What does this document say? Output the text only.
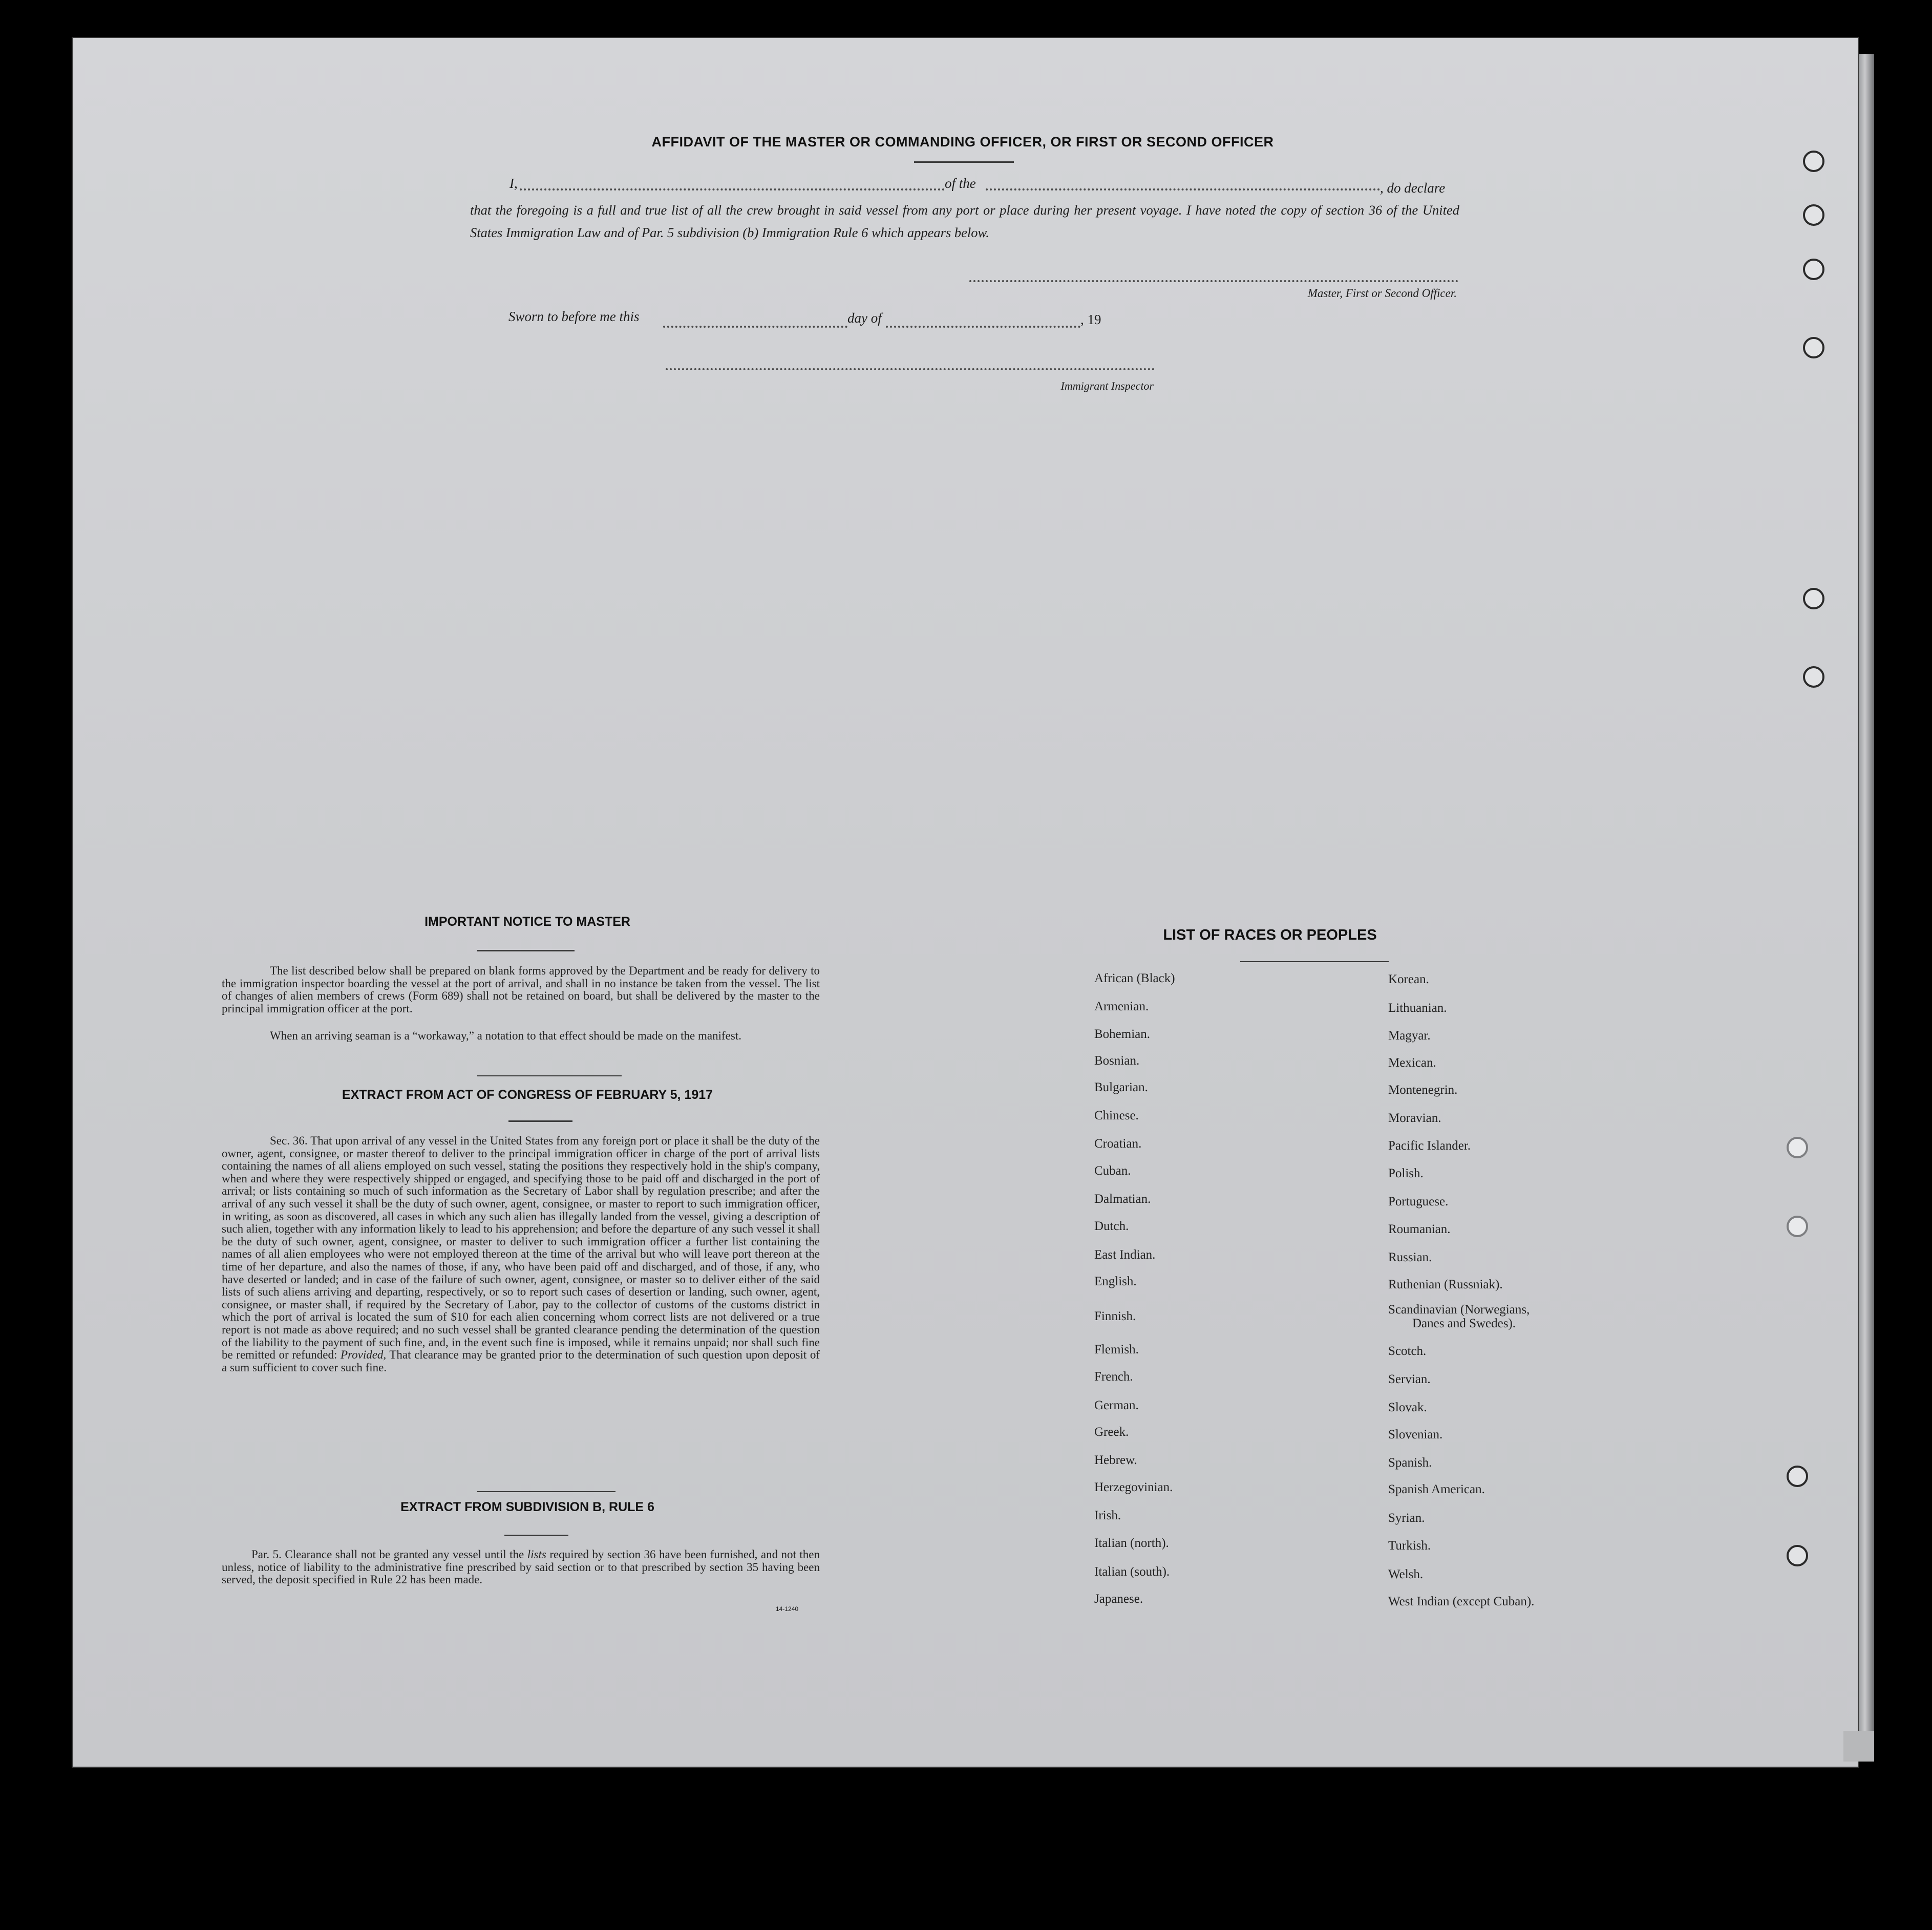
AFFIDAVIT OF THE MASTER OR COMMANDING OFFICER, OR FIRST OR SECOND OFFICER
I,	of the	, do declare
that the foregoing is a full and true list of all the crew brought in said vessel from any port or place during her present voyage. I have noted the copy of section 36 of the United States Immigration Law and of Par. 5 subdivision (b) Immigration Rule 6 which appears below.
Master, First or Second Officer.
Sworn to before me this	day of	, 19
Immigrant Inspector
IMPORTANT NOTICE TO MASTER
The list described below shall be prepared on blank forms approved by the Department and be ready for delivery to the immigration inspector boarding the vessel at the port of arrival, and shall in no instance be taken from the vessel. The list of changes of alien members of crews (Form 689) shall not be retained on board, but shall be delivered by the master to the principal immigration officer at the port.
When an arriving seaman is a “workaway,” a notation to that effect should be made on the manifest.
EXTRACT FROM ACT OF CONGRESS OF FEBRUARY 5, 1917
Sec. 36. That upon arrival of any vessel in the United States from any foreign port or place it shall be the duty of the owner, agent, consignee, or master thereof to deliver to the principal immigration officer in charge of the port of arrival lists containing the names of all aliens employed on such vessel, stating the positions they respectively hold in the ship's company, when and where they were respectively shipped or engaged, and specifying those to be paid off and discharged in the port of arrival; or lists containing so much of such information as the Secretary of Labor shall by regulation prescribe; and after the arrival of any such vessel it shall be the duty of such owner, agent, consignee, or master to report to such immigration officer, in writing, as soon as discovered, all cases in which any such alien has illegally landed from the vessel, giving a description of such alien, together with any information likely to lead to his apprehension; and before the departure of any such vessel it shall be the duty of such owner, agent, consignee, or master to deliver to such immigration officer a further list containing the names of all alien employees who were not employed thereon at the time of the arrival but who will leave port thereon at the time of her departure, and also the names of those, if any, who have been paid off and discharged, and of those, if any, who have deserted or landed; and in case of the failure of such owner, agent, consignee, or master so to deliver either of the said lists of such aliens arriving and departing, respectively, or so to report such cases of desertion or landing, such owner, agent, consignee, or master shall, if required by the Secretary of Labor, pay to the collector of customs of the customs district in which the port of arrival is located the sum of $10 for each alien concerning whom correct lists are not delivered or a true report is not made as above required; and no such vessel shall be granted clearance pending the determination of the question of the liability to the payment of such fine, and, in the event such fine is imposed, while it remains unpaid; nor shall such fine be remitted or refunded: Provided, That clearance may be granted prior to the determination of such question upon deposit of a sum sufficient to cover such fine.
EXTRACT FROM SUBDIVISION B, RULE 6
Par. 5. Clearance shall not be granted any vessel until the lists required by section 36 have been furnished, and not then unless, notice of liability to the administrative fine prescribed by said section or to that prescribed by section 35 having been served, the deposit specified in Rule 22 has been made.
14-1240
LIST OF RACES OR PEOPLES
African (Black)
Armenian.
Bohemian.
Bosnian.
Bulgarian.
Chinese.
Croatian.
Cuban.
Dalmatian.
Dutch.
East Indian.
English.
Finnish.
Flemish.
French.
German.
Greek.
Hebrew.
Herzegovinian.
Irish.
Italian (north).
Italian (south).
Japanese.
Korean.
Lithuanian.
Magyar.
Mexican.
Montenegrin.
Moravian.
Pacific Islander.
Polish.
Portuguese.
Roumanian.
Russian.
Ruthenian (Russniak).
Scandinavian (Norwegians,
Danes and Swedes).
Scotch.
Servian.
Slovak.
Slovenian.
Spanish.
Spanish American.
Syrian.
Turkish.
Welsh.
West Indian (except Cuban).
